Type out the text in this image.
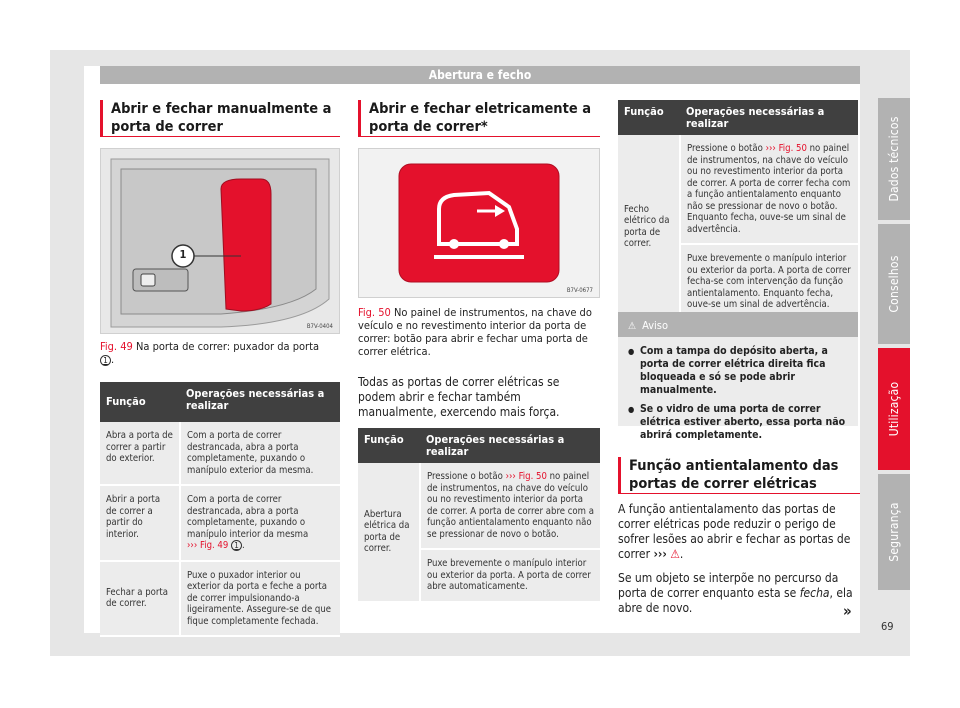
Abertura e fecho
Dados técnicos
Conselhos
Utilização
Segurança
Abrir e fechar manualmente a porta de correr
1
B7V-0404
Fig. 49 Na porta de correr: puxador da porta
1 .
Função	Operações necessárias a realizar
Abra a porta de correr a partir do exterior.	Com a porta de correr destrancada, abra a porta completamente, puxando o manípulo exterior da mesma.
Abrir a porta de correr a partir do interior.	Com a porta de correr destrancada, abra a porta completamente, puxando o manípulo interior da mesma
››› Fig. 49 1 .
Fechar a porta de correr.	Puxe o puxador interior ou exterior da porta e feche a porta de correr impulsionando-a ligeiramente. Assegure-se de que fique completamente fechada.
Abrir e fechar eletricamente a porta de correr*
B7V-0677
Fig. 50 No painel de instrumentos, na chave do veículo e no revestimento interior da porta de correr: botão para abrir e fechar uma porta de correr elétrica.
Todas as portas de correr elétricas se podem abrir e fechar também manualmente, exercendo mais força.
Função	Operações necessárias a realizar
Abertura elétrica da porta de correr.	Pressione o botão ››› Fig. 50 no painel de instrumentos, na chave do veículo ou no revestimento interior da porta de correr. A porta de correr abre com a função antientalamento enquanto não se pressionar de novo o botão.
	Puxe brevemente o manípulo interior ou exterior da porta. A porta de correr abre automaticamente.
Função	Operações necessárias a realizar
Fecho elétrico da porta de correr.	Pressione o botão ››› Fig. 50 no painel de instrumentos, na chave do veículo ou no revestimento interior da porta de correr. A porta de correr fecha com a função antientalamento enquanto não se pressionar de novo o botão. Enquanto fecha, ouve-se um sinal de advertência.
	Puxe brevemente o manípulo interior ou exterior da porta. A porta de correr fecha-se com intervenção da função antientalamento. Enquanto fecha, ouve-se um sinal de advertência.
⚠ Aviso
● Com a tampa do depósito aberta, a porta de correr elétrica direita fica bloqueada e só se pode abrir manualmente.
● Se o vidro de uma porta de correr elétrica estiver aberto, essa porta não abrirá completamente.
Função antientalamento das portas de correr elétricas
A função antientalamento das portas de correr elétricas pode reduzir o perigo de sofrer lesões ao abrir e fechar as portas de correr ››› ⚠.
Se um objeto se interpõe no percurso da porta de correr enquanto esta se fecha, ela abre de novo.	»
69
